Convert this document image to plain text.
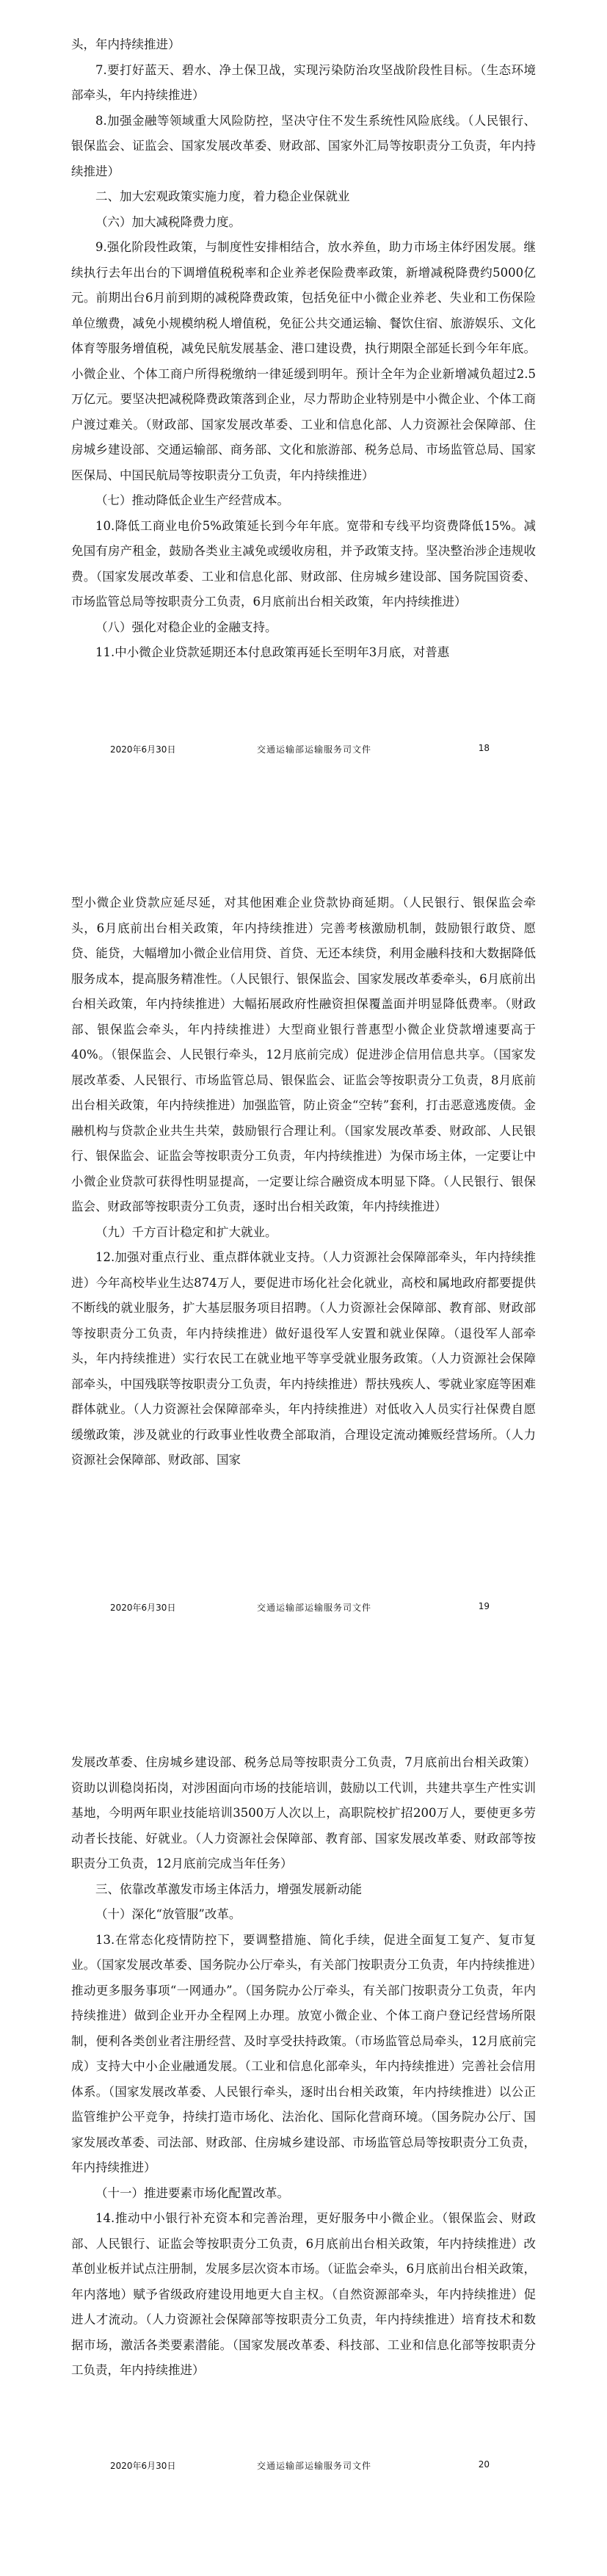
头，年内持续推进）

7.要打好蓝天、碧水、净土保卫战，实现污染防治攻坚战阶段性目标。（生态环境部牵头，年内持续推进）

8.加强金融等领域重大风险防控，坚决守住不发生系统性风险底线。（人民银行、银保监会、证监会、国家发展改革委、财政部、国家外汇局等按职责分工负责，年内持续推进）

二、加大宏观政策实施力度，着力稳企业保就业

（六）加大减税降费力度。

9.强化阶段性政策，与制度性安排相结合，放水养鱼，助力市场主体纾困发展。继续执行去年出台的下调增值税税率和企业养老保险费率政策，新增减税降费约5000亿元。前期出台6月前到期的减税降费政策，包括免征中小微企业养老、失业和工伤保险单位缴费，减免小规模纳税人增值税，免征公共交通运输、餐饮住宿、旅游娱乐、文化体育等服务增值税，减免民航发展基金、港口建设费，执行期限全部延长到今年年底。小微企业、个体工商户所得税缴纳一律延缓到明年。预计全年为企业新增减负超过2.5万亿元。要坚决把减税降费政策落到企业，尽力帮助企业特别是中小微企业、个体工商户渡过难关。（财政部、国家发展改革委、工业和信息化部、人力资源社会保障部、住房城乡建设部、交通运输部、商务部、文化和旅游部、税务总局、市场监管总局、国家医保局、中国民航局等按职责分工负责，年内持续推进）

（七）推动降低企业生产经营成本。

10.降低工商业电价5%政策延长到今年年底。宽带和专线平均资费降低15%。减免国有房产租金，鼓励各类业主减免或缓收房租，并予政策支持。坚决整治涉企违规收费。（国家发展改革委、工业和信息化部、财政部、住房城乡建设部、国务院国资委、市场监管总局等按职责分工负责，6月底前出台相关政策，年内持续推进）

（八）强化对稳企业的金融支持。

11.中小微企业贷款延期还本付息政策再延长至明年3月底，对普惠

2020年6月30日	交通运输部运输服务司文件	18

型小微企业贷款应延尽延，对其他困难企业贷款协商延期。（人民银行、银保监会牵头，6月底前出台相关政策，年内持续推进）完善考核激励机制，鼓励银行敢贷、愿贷、能贷，大幅增加小微企业信用贷、首贷、无还本续贷，利用金融科技和大数据降低服务成本，提高服务精准性。（人民银行、银保监会、国家发展改革委牵头，6月底前出台相关政策，年内持续推进）大幅拓展政府性融资担保覆盖面并明显降低费率。（财政部、银保监会牵头，年内持续推进）大型商业银行普惠型小微企业贷款增速要高于40%。（银保监会、人民银行牵头，12月底前完成）促进涉企信用信息共享。（国家发展改革委、人民银行、市场监管总局、银保监会、证监会等按职责分工负责，8月底前出台相关政策，年内持续推进）加强监管，防止资金“空转”套利，打击恶意逃废债。金融机构与贷款企业共生共荣，鼓励银行合理让利。（国家发展改革委、财政部、人民银行、银保监会、证监会等按职责分工负责，年内持续推进）为保市场主体，一定要让中小微企业贷款可获得性明显提高，一定要让综合融资成本明显下降。（人民银行、银保监会、财政部等按职责分工负责，逐时出台相关政策，年内持续推进）

（九）千方百计稳定和扩大就业。

12.加强对重点行业、重点群体就业支持。（人力资源社会保障部牵头，年内持续推进）今年高校毕业生达874万人，要促进市场化社会化就业，高校和属地政府都要提供不断线的就业服务，扩大基层服务项目招聘。（人力资源社会保障部、教育部、财政部等按职责分工负责，年内持续推进）做好退役军人安置和就业保障。（退役军人部牵头，年内持续推进）实行农民工在就业地平等享受就业服务政策。（人力资源社会保障部牵头，中国残联等按职责分工负责，年内持续推进）帮扶残疾人、零就业家庭等困难群体就业。（人力资源社会保障部牵头，年内持续推进）对低收入人员实行社保费自愿缓缴政策，涉及就业的行政事业性收费全部取消，合理设定流动摊贩经营场所。（人力资源社会保障部、财政部、国家

2020年6月30日	交通运输部运输服务司文件	19

发展改革委、住房城乡建设部、税务总局等按职责分工负责，7月底前出台相关政策）资助以训稳岗拓岗，对涉困面向市场的技能培训，鼓励以工代训，共建共享生产性实训基地，今明两年职业技能培训3500万人次以上，高职院校扩招200万人，要使更多劳动者长技能、好就业。（人力资源社会保障部、教育部、国家发展改革委、财政部等按职责分工负责，12月底前完成当年任务）

三、依靠改革激发市场主体活力，增强发展新动能

（十）深化“放管服”改革。

13.在常态化疫情防控下，要调整措施、简化手续，促进全面复工复产、复市复业。（国家发展改革委、国务院办公厅牵头，有关部门按职责分工负责，年内持续推进）推动更多服务事项“一网通办”。（国务院办公厅牵头，有关部门按职责分工负责，年内持续推进）做到企业开办全程网上办理。放宽小微企业、个体工商户登记经营场所限制，便利各类创业者注册经营、及时享受扶持政策。（市场监管总局牵头，12月底前完成）支持大中小企业融通发展。（工业和信息化部牵头，年内持续推进）完善社会信用体系。（国家发展改革委、人民银行牵头，逐时出台相关政策，年内持续推进）以公正监管维护公平竞争，持续打造市场化、法治化、国际化营商环境。（国务院办公厅、国家发展改革委、司法部、财政部、住房城乡建设部、市场监管总局等按职责分工负责，年内持续推进）

（十一）推进要素市场化配置改革。

14.推动中小银行补充资本和完善治理，更好服务中小微企业。（银保监会、财政部、人民银行、证监会等按职责分工负责，6月底前出台相关政策，年内持续推进）改革创业板并试点注册制，发展多层次资本市场。（证监会牵头，6月底前出台相关政策，年内落地）赋予省级政府建设用地更大自主权。（自然资源部牵头，年内持续推进）促进人才流动。（人力资源社会保障部等按职责分工负责，年内持续推进）培育技术和数据市场，激活各类要素潜能。（国家发展改革委、科技部、工业和信息化部等按职责分工负责，年内持续推进）

2020年6月30日	交通运输部运输服务司文件	20
